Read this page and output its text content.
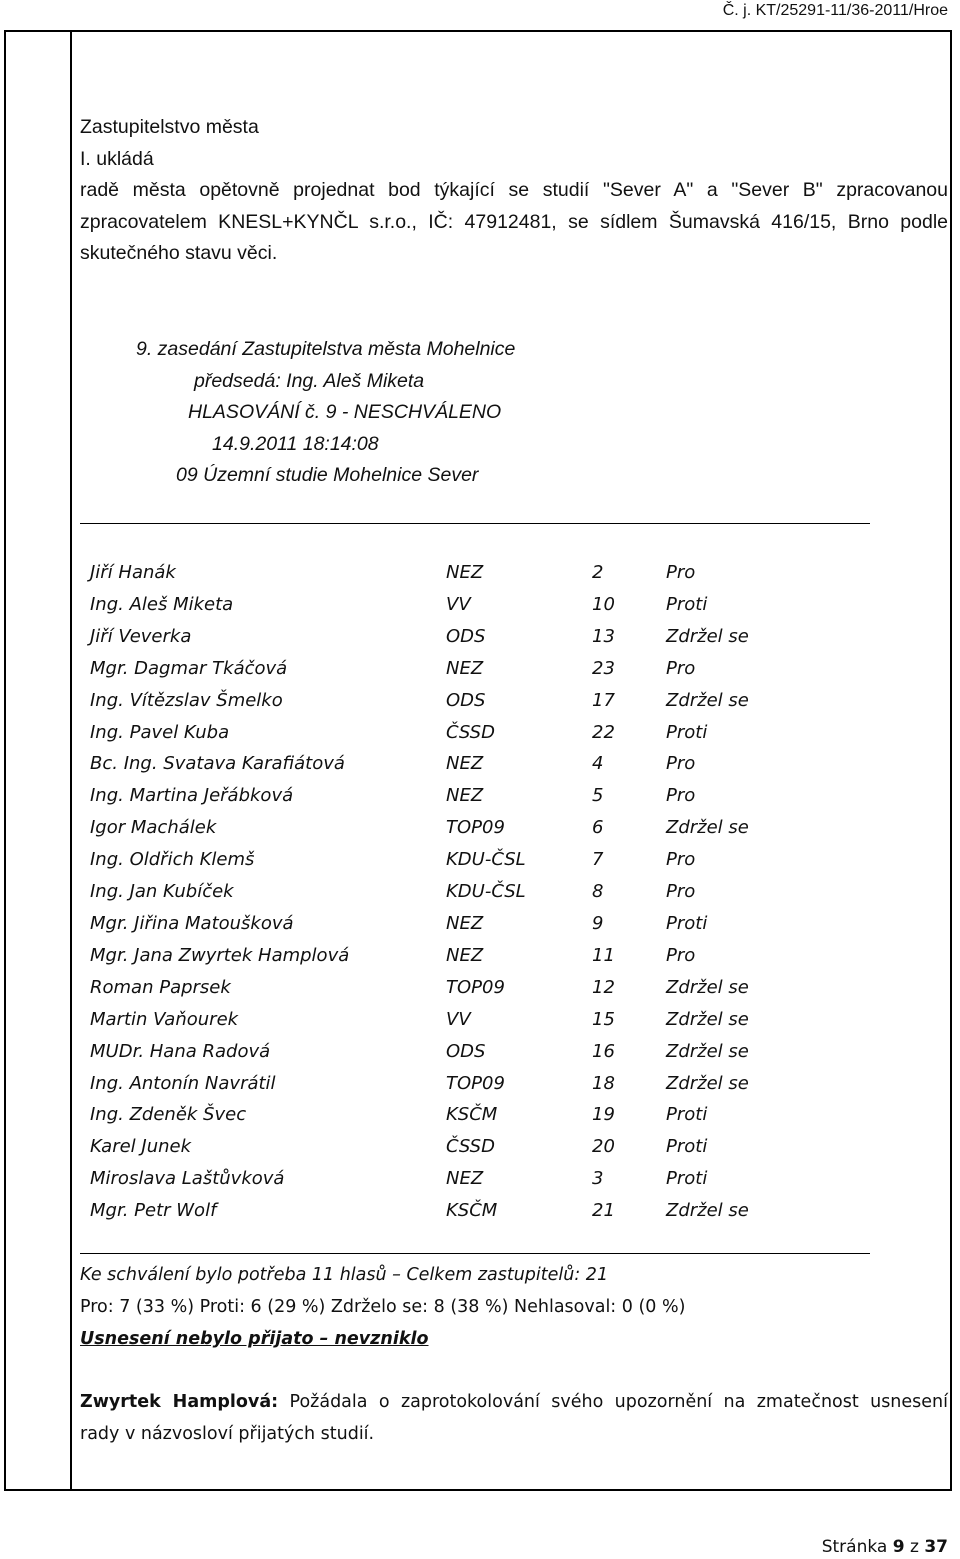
Č. j. KT/25291-11/36-2011/Hroe
Zastupitelstvo města
I. ukládá
radě města opětovně projednat bod týkající se studií "Sever A" a "Sever B" zpracovanou
zpracovatelem KNESL+KYNČL s.r.o., IČ: 47912481, se sídlem Šumavská 416/15, Brno podle
skutečného stavu věci.
9. zasedání Zastupitelstva města Mohelnice
předsedá: Ing. Aleš Miketa
HLASOVÁNÍ č. 9 - NESCHVÁLENO
14.9.2011 18:14:08
09 Územní studie Mohelnice Sever
Jiří Hanák	NEZ	2	Pro
Ing. Aleš Miketa	VV	10	Proti
Jiří Veverka	ODS	13	Zdržel se
Mgr. Dagmar Tkáčová	NEZ	23	Pro
Ing. Vítězslav Šmelko	ODS	17	Zdržel se
Ing. Pavel Kuba	ČSSD	22	Proti
Bc. Ing. Svatava Karafiátová	NEZ	4	Pro
Ing. Martina Jeřábková	NEZ	5	Pro
Igor Machálek	TOP09	6	Zdržel se
Ing. Oldřich Klemš	KDU-ČSL	7	Pro
Ing. Jan Kubíček	KDU-ČSL	8	Pro
Mgr. Jiřina Matoušková	NEZ	9	Proti
Mgr. Jana Zwyrtek Hamplová	NEZ	11	Pro
Roman Paprsek	TOP09	12	Zdržel se
Martin Vaňourek	VV	15	Zdržel se
MUDr. Hana Radová	ODS	16	Zdržel se
Ing. Antonín Navrátil	TOP09	18	Zdržel se
Ing. Zdeněk Švec	KSČM	19	Proti
Karel Junek	ČSSD	20	Proti
Miroslava Laštůvková	NEZ	3	Proti
Mgr. Petr Wolf	KSČM	21	Zdržel se
Ke schválení bylo potřeba 11 hlasů – Celkem zastupitelů: 21
Pro: 7 (33 %) Proti: 6 (29 %) Zdrželo se: 8 (38 %) Nehlasoval: 0 (0 %)
Usnesení nebylo přijato – nevzniklo
Zwyrtek Hamplová: Požádala o zaprotokolování svého upozornění na zmatečnost usnesení
rady v názvosloví přijatých studií.
Stránka 9 z 37
